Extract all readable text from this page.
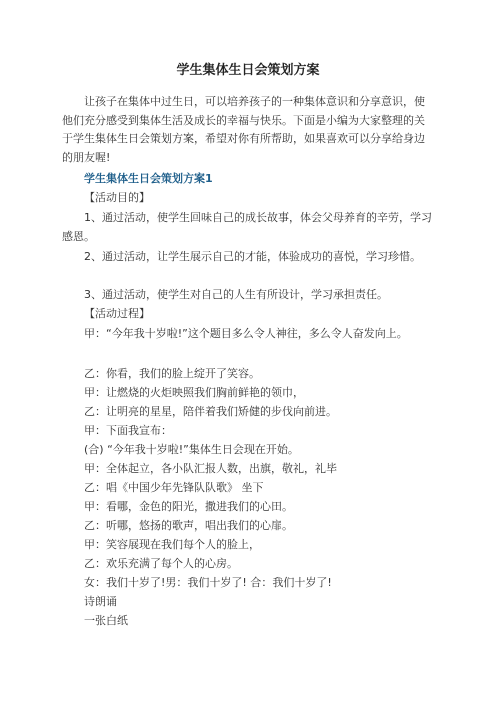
学生集体生日会策划方案

让孩子在集体中过生日，可以培养孩子的一种集体意识和分享意识，使他们充分感受到集体生活及成长的幸福与快乐。下面是小编为大家整理的关于学生集体生日会策划方案，希望对你有所帮助，如果喜欢可以分享给身边的朋友喔!

学生集体生日会策划方案1
【活动目的】
1、通过活动，使学生回味自己的成长故事，体会父母养育的辛劳，学习感恩。
2、通过活动，让学生展示自己的才能，体验成功的喜悦，学习珍惜。
3、通过活动，使学生对自己的人生有所设计，学习承担责任。
【活动过程】
甲：“今年我十岁啦!”这个题目多么令人神往，多么令人奋发向上。
乙：你看，我们的脸上绽开了笑容。
甲：让燃烧的火炬映照我们胸前鲜艳的领巾，
乙：让明亮的星星，陪伴着我们矫健的步伐向前进。
甲：下面我宣布：
(合) “今年我十岁啦!”集体生日会现在开始。
甲：全体起立，各小队汇报人数，出旗，敬礼，礼毕
乙：唱《中国少年先锋队队歌》 坐下
甲：看哪，金色的阳光，撒进我们的心田。
乙：听哪，悠扬的歌声，唱出我们的心扉。
甲：笑容展现在我们每个人的脸上，
乙：欢乐充满了每个人的心房。
女：我们十岁了!男：我们十岁了! 合：我们十岁了!
诗朗诵
一张白纸
